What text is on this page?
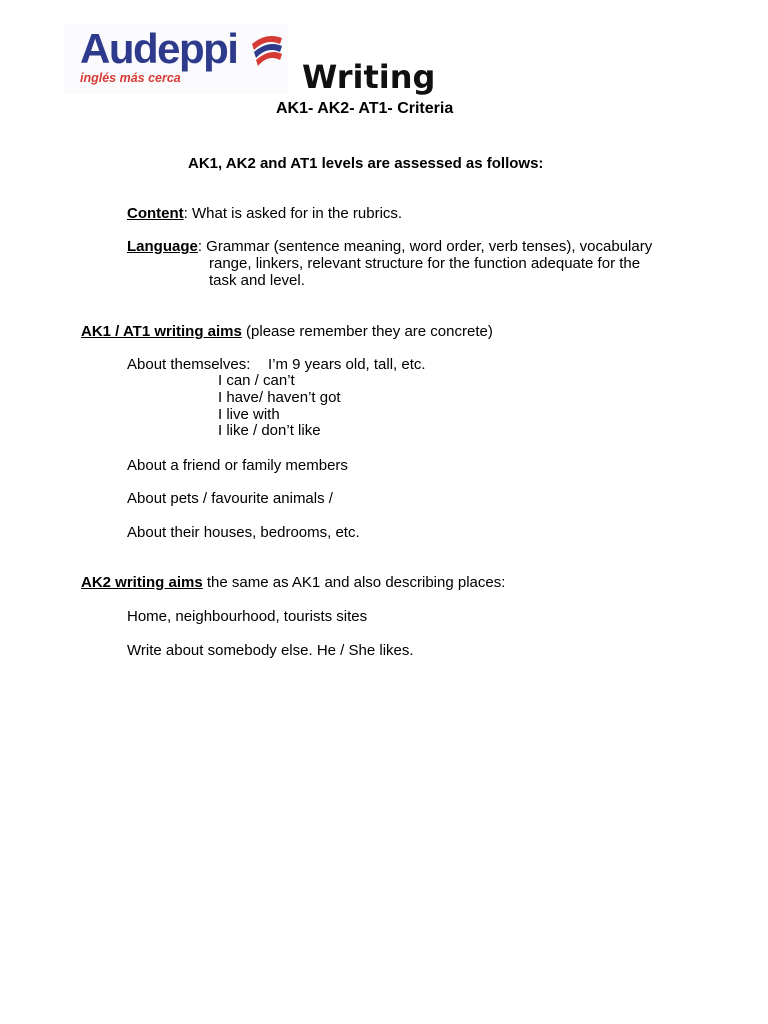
Audeppi
inglés más cerca	Writing
AK1- AK2- AT1- Criteria
AK1, AK2 and AT1 levels are assessed as follows:
Content: What is asked for in the rubrics.
Language: Grammar (sentence meaning, word order, verb tenses), vocabulary
range, linkers, relevant structure for the function adequate for the
task and level.
AK1 / AT1 writing aims (please remember they are concrete)
About themselves: I’m 9 years old, tall, etc.
I can / can’t
I have/ haven’t got
I live with
I like / don’t like
About a friend or family members
About pets / favourite animals /
About their houses, bedrooms, etc.
AK2 writing aims the same as AK1 and also describing places:
Home, neighbourhood, tourists sites
Write about somebody else. He / She likes.
